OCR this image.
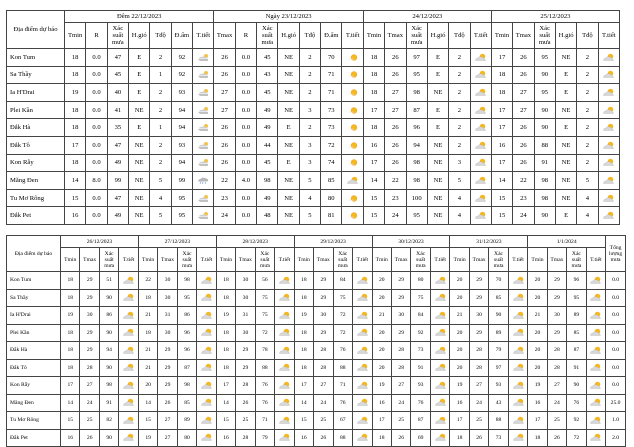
Địa điểm dự báo	Đêm 22/12/2023							Ngày 23/12/2023							24/12/2023						25/12/2023					
	Tmin	R	Xác suất mưa	H.gió	Tđộ	Đ.ẩm	T.tiết	Tmax	R	Xác suất mưa	H.gió	Tđộ	Đ.ẩm	T.tiết	Tmin	Tmax	Xác suất mưa	H.gió	Tđộ	T.tiết	Tmin	Tmax	Xác suất mưa	H.gió	Tđộ	T.tiết
Kon Tum	18	0.0	47	E	2	92		26	0.0	45	NE	2	70		18	26	97	E	2		17	26	95	NE	2	
Sa Thầy	18	0.0	45	E	1	92		26	0.0	43	NE	2	71		18	26	95	E	2		18	26	90	E	2	
Ia H'Drai	19	0.0	40	E	2	93		27	0.0	45	NE	2	71		18	27	98	NE	2		18	27	95	E	2	
Plei Kần	18	0.0	41	NE	2	94		27	0.0	49	NE	3	73		17	27	87	E	2		17	27	90	NE	2	
Đắk Hà	18	0.0	35	E	1	94		26	0.0	49	E	2	73		18	26	96	E	2		17	26	90	E	2	
Đắk Tô	17	0.0	47	NE	2	93		26	0.0	44	NE	3	72		16	26	94	NE	2		16	26	88	NE	2	
Kon Rẫy	18	0.0	49	NE	2	94		26	0.0	45	E	3	74		17	26	98	NE	3		17	26	91	NE	2	
Măng Đen	14	8.0	99	NE	5	99		22	4.0	98	NE	5	85		14	22	98	NE	5		14	22	98	NE	5	
Tu Mơ Rông	15	0.0	47	NE	4	95		23	0.0	49	NE	4	80		15	23	100	NE	4		15	23	98	NE	4	
Đắk Pet	16	0.0	49	NE	5	95		24	0.0	48	NE	5	81		15	24	95	NE	4		15	24	90	E	4	
Địa điểm dự báo	26/12/2023				27/12/2023				28/12/2023				29/12/2023				30/12/2023				31/12/2023				1/1/2024				Tổng lượng mưa
	Tmin	Tmax	Xác suất mưa	T.tiết	Tmin	Tmax	Xác suất mưa	T.tiết	Tmin	Tmax	Xác suất mưa	T.tiết	Tmin	Tmax	Xác suất mưa	T.tiết	Tmin	Tmax	Xác suất mưa	T.tiết	Tmin	Tmax	Xác suất mưa	T.tiết	Tmin	Tmax	Xác suất mưa	T.tiết	
Kon Tum	18	29	51		22	30	98		18	30	56		18	29	84		20	29	80		20	29	70		20	29	96		0.0
Sa Thầy	18	29	90		18	30	95		18	30	75		18	29	75		20	29	75		20	29	85		20	29	95		0.0
Ia H'Drai	19	30	86		21	31	86		19	31	75		19	30	72		21	30	84		21	30	90		21	30	89		0.0
Plei Kần	18	29	90		18	30	96		18	30	72		18	29	72		20	29	92		20	29	89		20	29	85		0.0
Đắk Hà	18	29	94		21	29	96		18	29	78		18	28	76		20	28	73		20	28	79		20	28	87		0.0
Đắk Tô	18	28	90		21	29	87		18	29	88		18	28	88		20	28	91		20	28	97		20	28	91		0.0
Kon Rẫy	17	27	98		20	29	98		17	28	76		17	27	71		19	27	93		19	27	93		19	27	90		0.0
Măng Đen	14	24	91		14	26	85		14	26	76		14	24	76		16	24	76		16	24	43		16	24	76		25.0
Tu Mơ Rông	15	25	82		15	27	89		15	25	71		15	25	67		17	25	87		17	25	88		17	25	92		1.0
Đắk Pet	16	26	90		19	27	80		16	28	79		16	26	88		18	26	69		18	26	73		18	26	72		2.0
